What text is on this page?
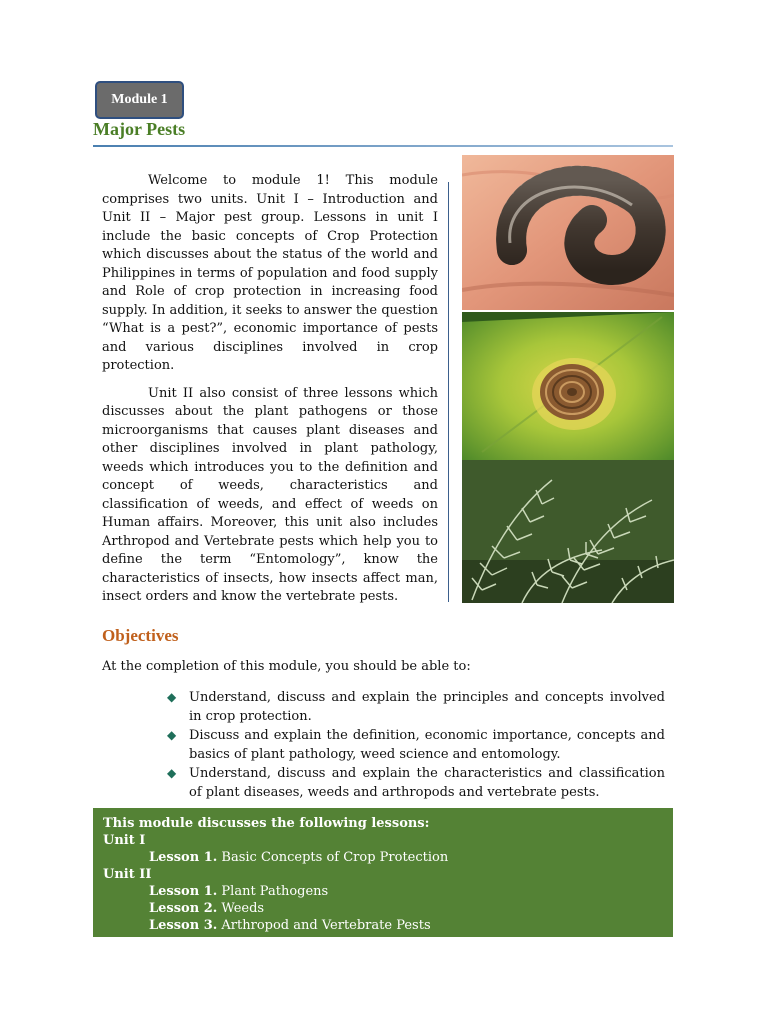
Module 1
Major Pests

Welcome to module 1! This module comprises two units. Unit I – Introduction and Unit II – Major pest group. Lessons in unit I include the basic concepts of Crop Protection which discusses about the status of the world and Philippines in terms of population and food supply and Role of crop protection in increasing food supply. In addition, it seeks to answer the question “What is a pest?”, economic importance of pests and various disciplines involved in crop protection.

Unit II also consist of three lessons which discusses about the plant pathogens or those microorganisms that causes plant diseases and other disciplines involved in plant pathology, weeds which introduces you to the definition and concept of weeds, characteristics and classification of weeds, and effect of weeds on Human affairs. Moreover, this unit also includes Arthropod and Vertebrate pests which help you to define the term “Entomology”, know the characteristics of insects, how insects affect man, insect orders and know the vertebrate pests.

Objectives
At the completion of this module, you should be able to:
◆ Understand, discuss and explain the principles and concepts involved in crop protection.
◆ Discuss and explain the definition, economic importance, concepts and basics of plant pathology, weed science and entomology.
◆ Understand, discuss and explain the characteristics and classification of plant diseases, weeds and arthropods and vertebrate pests.
This module discusses the following lessons:
Unit I
Lesson 1. Basic Concepts of Crop Protection
Unit II
Lesson 1. Plant Pathogens
Lesson 2. Weeds
Lesson 3. Arthropod and Vertebrate Pests
